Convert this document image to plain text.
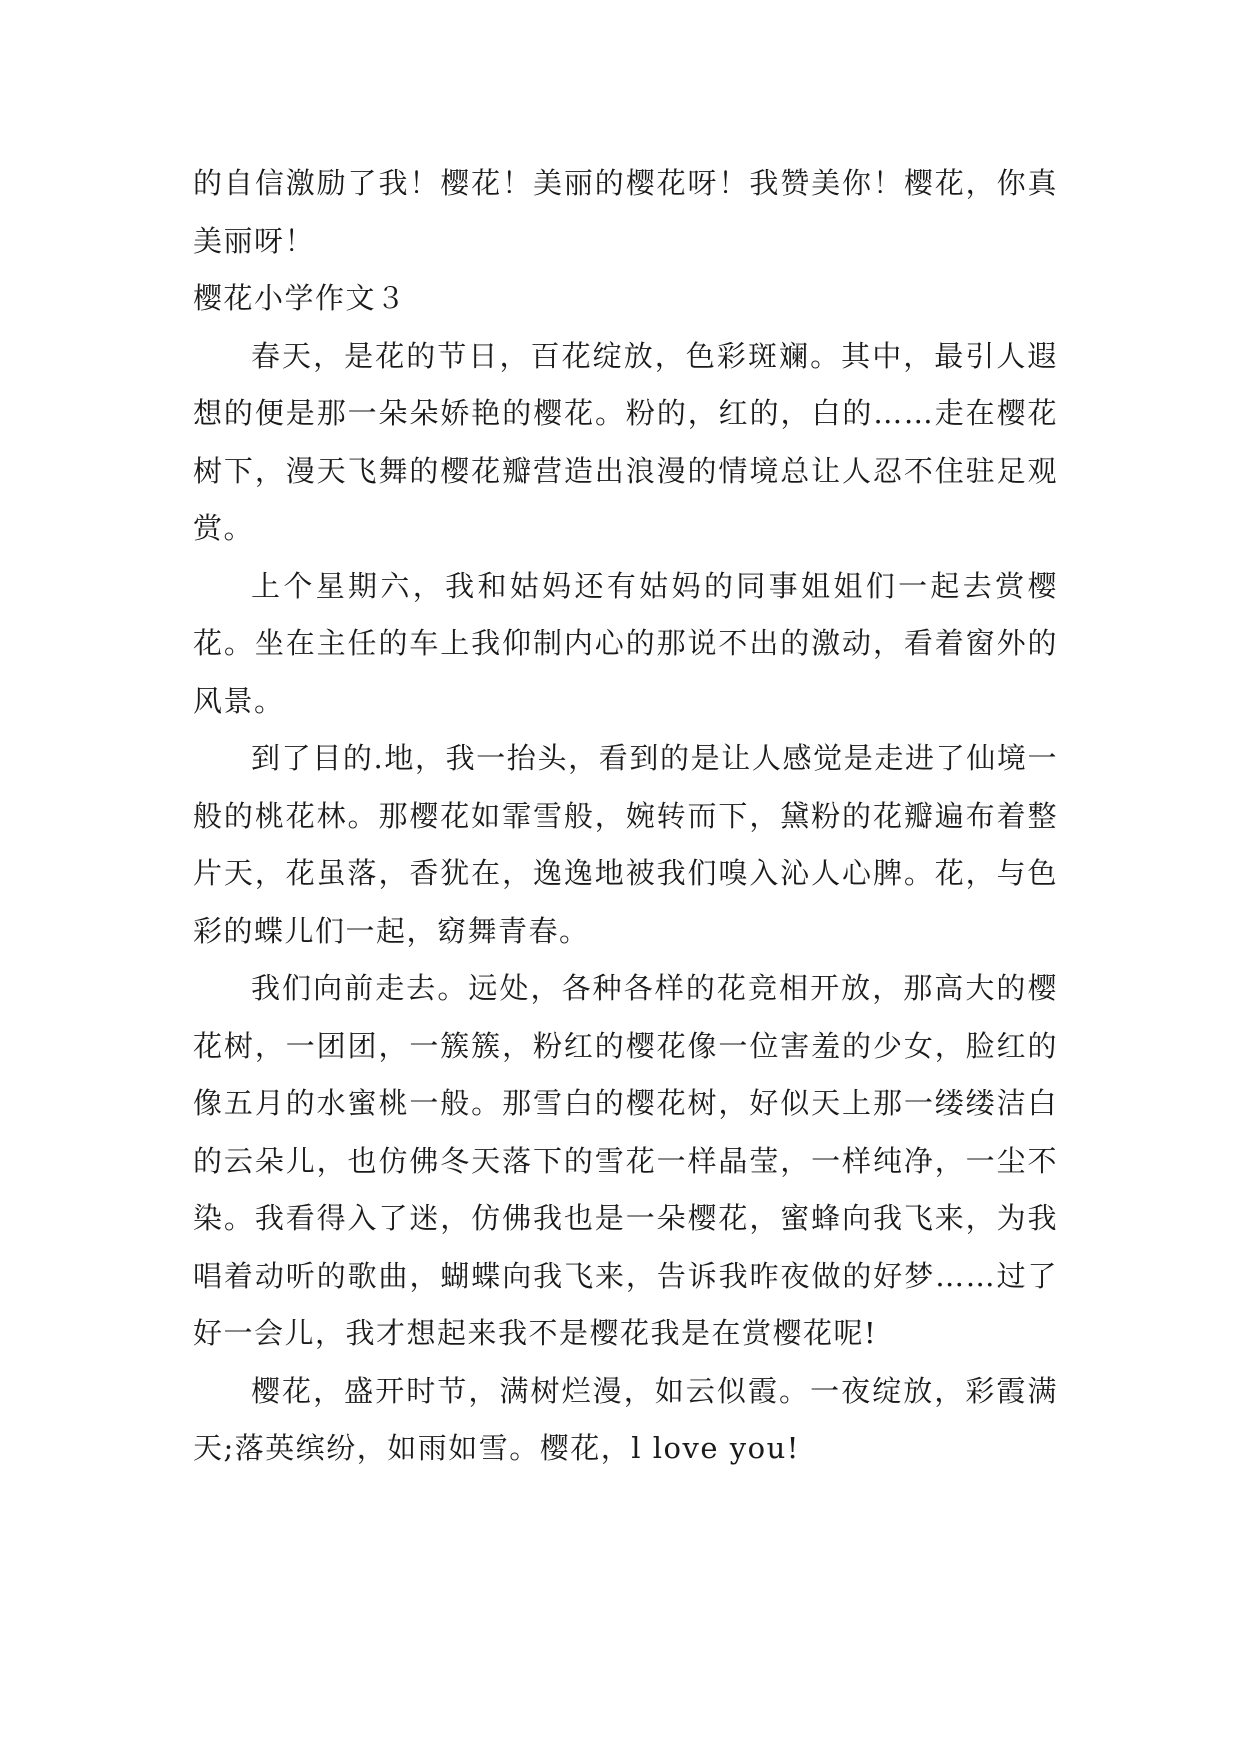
的自信激励了我！樱花！美丽的樱花呀！我赞美你！樱花，你真美丽呀！

樱花小学作文３

春天，是花的节日，百花绽放，色彩斑斓。其中，最引人遐想的便是那一朵朵娇艳的樱花。粉的，红的，白的……走在樱花树下，漫天飞舞的樱花瓣营造出浪漫的情境总让人忍不住驻足观赏。

上个星期六，我和姑妈还有姑妈的同事姐姐们一起去赏樱花。坐在主任的车上我仰制内心的那说不出的激动，看着窗外的风景。

到了目的.地，我一抬头，看到的是让人感觉是走进了仙境一般的桃花林。那樱花如霏雪般，婉转而下，黛粉的花瓣遍布着整片天，花虽落，香犹在，逸逸地被我们嗅入沁人心脾。花，与色彩的蝶儿们一起，窈舞青春。

我们向前走去。远处，各种各样的花竞相开放，那高大的樱花树，一团团，一簇簇，粉红的樱花像一位害羞的少女，脸红的像五月的水蜜桃一般。那雪白的樱花树，好似天上那一缕缕洁白的云朵儿，也仿佛冬天落下的雪花一样晶莹，一样纯净，一尘不染。我看得入了迷，仿佛我也是一朵樱花，蜜蜂向我飞来，为我唱着动听的歌曲，蝴蝶向我飞来，告诉我昨夜做的好梦……过了好一会儿，我才想起来我不是樱花我是在赏樱花呢!

樱花，盛开时节，满树烂漫，如云似霞。一夜绽放，彩霞满天;落英缤纷，如雨如雪。樱花，l love you!
